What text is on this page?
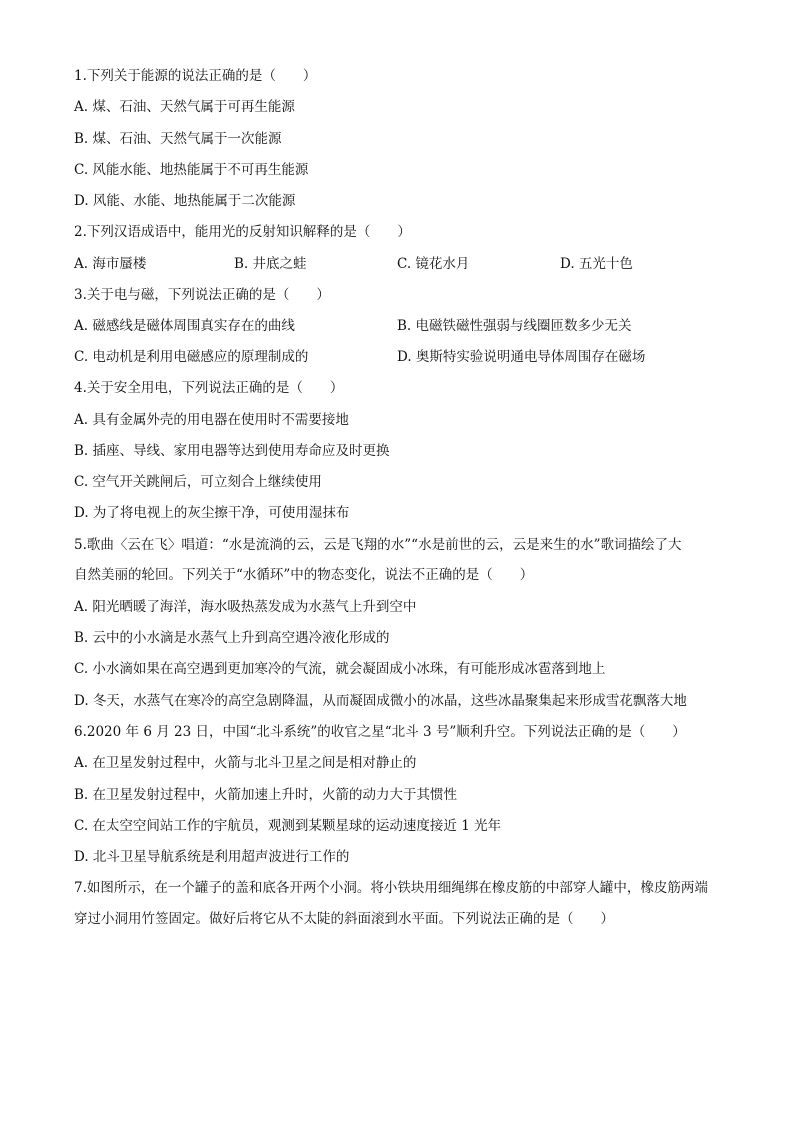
1.下列关于能源的说法正确的是（　　）
A. 煤、石油、天然气属于可再生能源
B. 煤、石油、天然气属于一次能源
C. 风能水能、地热能属于不可再生能源
D. 风能、水能、地热能属于二次能源
2.下列汉语成语中，能用光的反射知识解释的是（　　）
A. 海市蜃楼	B. 井底之蛙	C. 镜花水月	D. 五光十色
3.关于电与磁，下列说法正确的是（　　）
A. 磁感线是磁体周围真实存在的曲线	B. 电磁铁磁性强弱与线圈匝数多少无关
C. 电动机是利用电磁感应的原理制成的	D. 奥斯特实验说明通电导体周围存在磁场
4.关于安全用电，下列说法正确的是（　　）
A. 具有金属外壳的用电器在使用时不需要接地
B. 插座、导线、家用电器等达到使用寿命应及时更换
C. 空气开关跳闸后，可立刻合上继续使用
D. 为了将电视上的灰尘擦干净，可使用湿抹布
5.歌曲〈云在飞〉唱道：“水是流淌的云，云是飞翔的水”“水是前世的云，云是来生的水”歌词描绘了大
自然美丽的轮回。下列关于“水循环”中的物态变化，说法不正确的是（　　）
A. 阳光晒暖了海洋，海水吸热蒸发成为水蒸气上升到空中
B. 云中的小水滴是水蒸气上升到高空遇冷液化形成的
C. 小水滴如果在高空遇到更加寒冷的气流，就会凝固成小冰珠，有可能形成冰雹落到地上
D. 冬天，水蒸气在寒冷的高空急剧降温，从而凝固成微小的冰晶，这些冰晶聚集起来形成雪花飘落大地
6.2020 年 6 月 23 日，中国“北斗系统”的收官之星“北斗 3 号”顺利升空。下列说法正确的是（　　）
A. 在卫星发射过程中，火箭与北斗卫星之间是相对静止的
B. 在卫星发射过程中，火箭加速上升时，火箭的动力大于其惯性
C. 在太空空间站工作的宇航员，观测到某颗星球的运动速度接近 1 光年
D. 北斗卫星导航系统是利用超声波进行工作的
7.如图所示，在一个罐子的盖和底各开两个小洞。将小铁块用细绳绑在橡皮筋的中部穿人罐中，橡皮筋两端
穿过小洞用竹签固定。做好后将它从不太陡的斜面滚到水平面。下列说法正确的是（　　）
